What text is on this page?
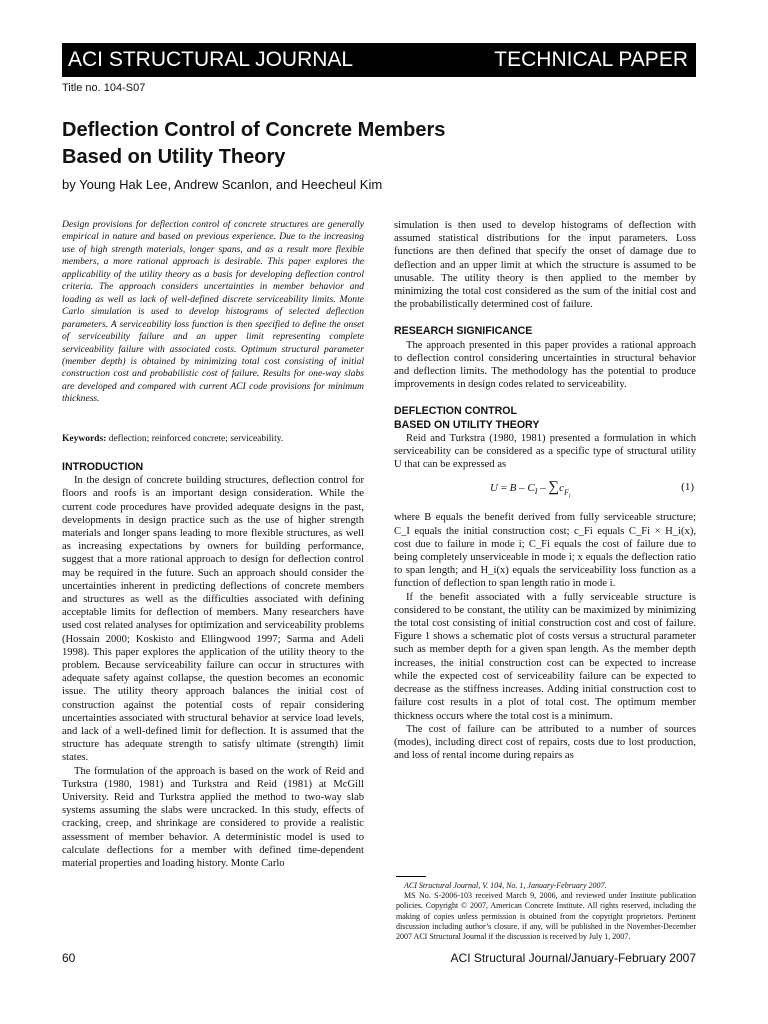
ACI STRUCTURAL JOURNAL	TECHNICAL PAPER
Title no. 104-S07
Deflection Control of Concrete Members
Based on Utility Theory
by Young Hak Lee, Andrew Scanlon, and Heecheul Kim

Design provisions for deflection control of concrete structures are generally empirical in nature and based on previous experience. Due to the increasing use of high strength materials, longer spans, and as a result more flexible members, a more rational approach is desirable. This paper explores the applicability of the utility theory as a basis for developing deflection control criteria. The approach considers uncertainties in member behavior and loading as well as lack of well-defined discrete serviceability limits. Monte Carlo simulation is used to develop histograms of selected deflection parameters. A serviceability loss function is then specified to define the onset of serviceability failure and an upper limit representing complete serviceability failure with associated costs. Optimum structural parameter (member depth) is obtained by minimizing total cost consisting of initial construction cost and probabilistic cost of failure. Results for one-way slabs are developed and compared with current ACI code provisions for minimum thickness.

Keywords: deflection; reinforced concrete; serviceability.

INTRODUCTION

In the design of concrete building structures, deflection control for floors and roofs is an important design consideration. While the current code procedures have provided adequate designs in the past, developments in design practice such as the use of higher strength materials and longer spans leading to more flexible structures, as well as increasing expectations by owners for building performance, suggest that a more rational approach to design for deflection control may be required in the future. Such an approach should consider the uncertainties inherent in predicting deflections of concrete members and structures as well as the difficulties associated with defining acceptable limits for deflection of members. Many researchers have used cost related analyses for optimization and serviceability problems (Hossain 2000; Koskisto and Ellingwood 1997; Sarma and Adeli 1998). This paper explores the application of the utility theory to the problem. Because serviceability failure can occur in structures with adequate safety against collapse, the question becomes an economic issue. The utility theory approach balances the initial cost of construction against the potential costs of repair considering uncertainties associated with structural behavior at service load levels, and lack of a well-defined limit for deflection. It is assumed that the structure has adequate strength to satisfy ultimate (strength) limit states.

The formulation of the approach is based on the work of Reid and Turkstra (1980, 1981) and Turkstra and Reid (1981) at McGill University. Reid and Turkstra applied the method to two-way slab systems assuming the slabs were uncracked. In this study, effects of cracking, creep, and shrinkage are considered to provide a realistic assessment of member behavior. A deterministic model is used to calculate deflections for a member with defined time-dependent material properties and loading history. Monte Carlo

simulation is then used to develop histograms of deflection with assumed statistical distributions for the input parameters. Loss functions are then defined that specify the onset of damage due to deflection and an upper limit at which the structure is assumed to be unusable. The utility theory is then applied to the member by minimizing the total cost considered as the sum of the initial cost and the probabilistically determined cost of failure.

RESEARCH SIGNIFICANCE

The approach presented in this paper provides a rational approach to deflection control considering uncertainties in structural behavior and deflection limits. The methodology has the potential to produce improvements in design codes related to serviceability.

DEFLECTION CONTROL
BASED ON UTILITY THEORY

Reid and Turkstra (1980, 1981) presented a formulation in which serviceability can be considered as a specific type of structural utility U that can be expressed as

$U = B - C_I - \sum c_{F_i}$
(1)

where B equals the benefit derived from fully serviceable structure; C_I equals the initial construction cost; c_Fi equals C_Fi × H_i(x), cost due to failure in mode i; C_Fi equals the cost of failure due to being completely unserviceable in mode i; x equals the deflection ratio to span length; and H_i(x) equals the serviceability loss function as a function of deflection to span length ratio in mode i.

If the benefit associated with a fully serviceable structure is considered to be constant, the utility can be maximized by minimizing the total cost consisting of initial construction cost and cost of failure. Figure 1 shows a schematic plot of costs versus a structural parameter such as member depth for a given span length. As the member depth increases, the initial construction cost can be expected to increase while the expected cost of serviceability failure can be expected to decrease as the stiffness increases. Adding initial construction cost to failure cost results in a plot of total cost. The optimum member thickness occurs where the total cost is a minimum.

The cost of failure can be attributed to a number of sources (modes), including direct cost of repairs, costs due to lost production, and loss of rental income during repairs as

ACI Structural Journal, V. 104, No. 1, January-February 2007.
MS No. S-2006-103 received March 9, 2006, and reviewed under Institute publication policies. Copyright © 2007, American Concrete Institute. All rights reserved, including the making of copies unless permission is obtained from the copyright proprietors. Pertinent discussion including author’s closure, if any, will be published in the November-December 2007 ACI Structural Journal if the discussion is received by July 1, 2007.

60	ACI Structural Journal/January-February 2007
